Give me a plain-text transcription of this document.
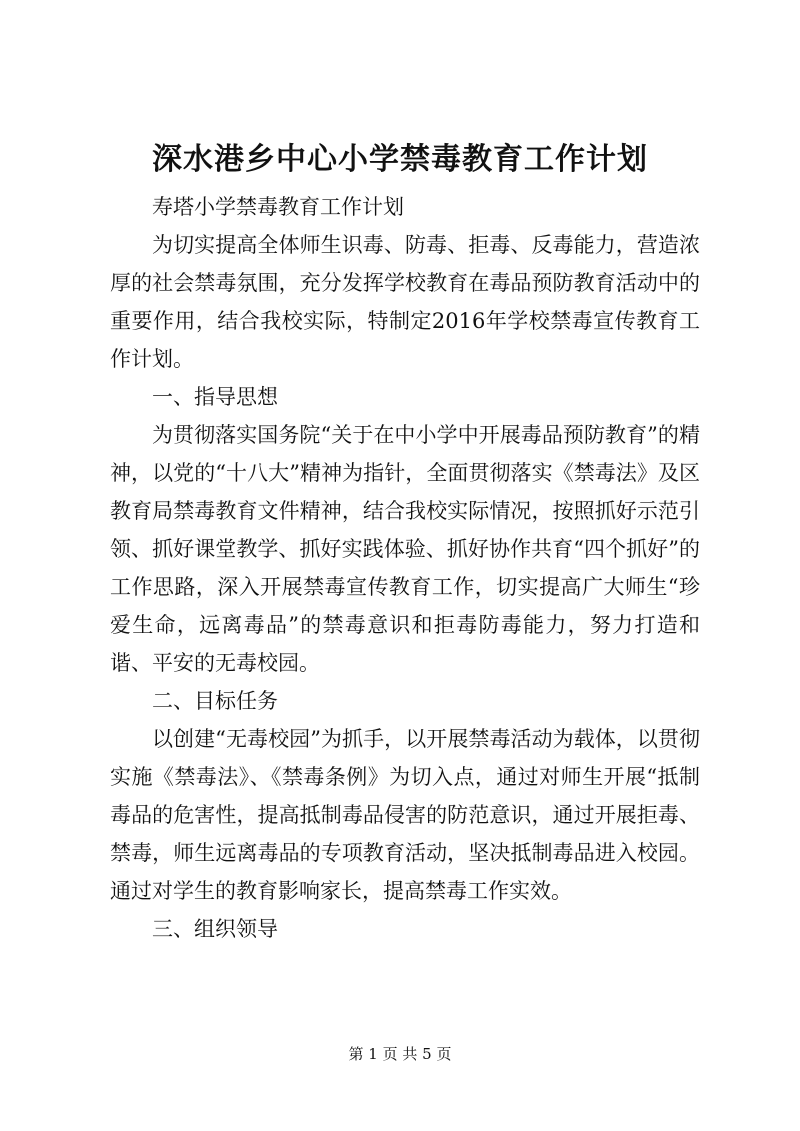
深水港乡中心小学禁毒教育工作计划

寿塔小学禁毒教育工作计划

为切实提高全体师生识毒、防毒、拒毒、反毒能力，营造浓厚的社会禁毒氛围，充分发挥学校教育在毒品预防教育活动中的重要作用，结合我校实际，特制定2016年学校禁毒宣传教育工作计划。

一、指导思想

为贯彻落实国务院“关于在中小学中开展毒品预防教育”的精神，以党的“十八大”精神为指针，全面贯彻落实《禁毒法》及区教育局禁毒教育文件精神，结合我校实际情况，按照抓好示范引领、抓好课堂教学、抓好实践体验、抓好协作共育“四个抓好”的工作思路，深入开展禁毒宣传教育工作，切实提高广大师生“珍爱生命，远离毒品”的禁毒意识和拒毒防毒能力，努力打造和谐、平安的无毒校园。

二、目标任务

以创建“无毒校园”为抓手，以开展禁毒活动为载体，以贯彻实施《禁毒法》、《禁毒条例》为切入点，通过对师生开展“抵制毒品的危害性，提高抵制毒品侵害的防范意识，通过开展拒毒、禁毒，师生远离毒品的专项教育活动，坚决抵制毒品进入校园。通过对学生的教育影响家长，提高禁毒工作实效。

三、组织领导

第 1 页 共 5 页
